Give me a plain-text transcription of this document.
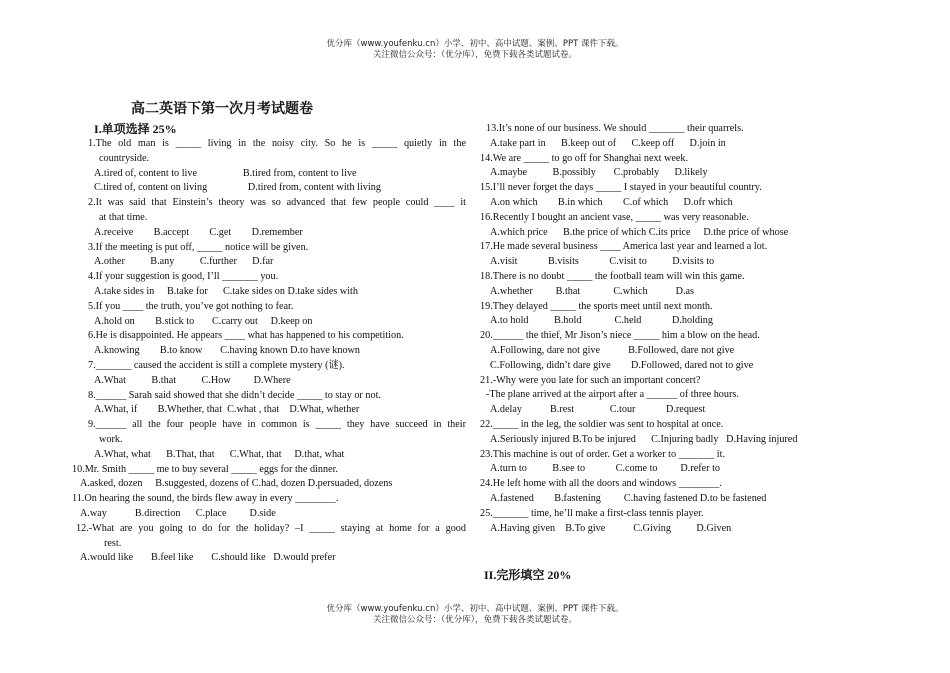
优分库（www.youfenku.cn）小学、初中、高中试题、案例、PPT 课件下载。
关注微信公众号：（优分库），免费下载各类试题试卷。
高二英语下第一次月考试题卷
I.单项选择 25%
II.完形填空 20%
1.The old man is _____ living in the noisy city. So he is _____ quietly in the
countryside.
A.tired of, content to live                  B.tired from, content to live
C.tired of, content on living                D.tired from, content with living
2.It was said that Einstein’s theory was so advanced that few people could ____ it
at that time.
A.receive        B.accept        C.get        D.remember
3.If the meeting is put off, _____ notice will be given.
A.other          B.any          C.further      D.far
4.If your suggestion is good, I’ll _______ you.
A.take sides in     B.take for      C.take sides on D.take sides with
5.If you ____ the truth, you’ve got nothing to fear.
A.hold on        B.stick to       C.carry out     D.keep on
6.He is disappointed. He appears ____ what has happened to his competition.
A.knowing        B.to know       C.having known D.to have known
7._______ caused the accident is still a complete mystery (谜).
A.What          B.that          C.How         D.Where
8.______ Sarah said showed that she didn’t decide _____ to stay or not.
A.What, if        B.Whether, that  C.what , that    D.What, whether
9.______ all the four people have in common is _____ they have succeed in their
work.
A.What, what      B.That, that      C.What, that     D.that, what
10.Mr. Smith _____ me to buy several _____ eggs for the dinner.
A.asked, dozen     B.suggested, dozens of C.had, dozen D.persuaded, dozens
11.On hearing the sound, the birds flew away in every ________.
A.way           B.direction      C.place         D.side
12.-What are you going to do for the holiday? –I _____ staying at home for a good
rest.
A.would like       B.feel like       C.should like   D.would prefer
13.It’s none of our business. We should _______ their quarrels.
A.take part in      B.keep out of      C.keep off      D.join in
14.We are _____ to go off for Shanghai next week.
A.maybe          B.possibly       C.probably      D.likely
15.I’ll never forget the days _____ I stayed in your beautiful country.
A.on which        B.in which        C.of which      D.ofr which
16.Recently I bought an ancient vase, _____ was very reasonable.
A.which price      B.the price of which C.its price     D.the price of whose
17.He made several business ____ America last year and learned a lot.
A.visit            B.visits            C.visit to          D.visits to
18.There is no doubt _____ the football team will win this game.
A.whether         B.that             C.which           D.as
19.They delayed _____ the sports meet until next month.
A.to hold          B.hold             C.held            D.holding
20.______ the thief, Mr Jison’s niece _____ him a blow on the head.
A.Following, dare not give           B.Followed, dare not give
C.Following, didn’t dare give        D.Followed, dared not to give
21.-Why were you late for such an important concert?
-The plane arrived at the airport after a ______ of three hours.
A.delay           B.rest              C.tour            D.request
22._____ in the leg, the soldier was sent to hospital at once.
A.Seriously injured B.To be injured      C.Injuring badly   D.Having injured
23.This machine is out of order. Get a worker to _______ it.
A.turn to          B.see to            C.come to         D.refer to
24.He left home with all the doors and windows ________.
A.fastened        B.fastening         C.having fastened D.to be fastened
25._______ time, he’ll make a first-class tennis player.
A.Having given    B.To give           C.Giving          D.Given
优分库（www.youfenku.cn）小学、初中、高中试题、案例、PPT 课件下载。
关注微信公众号：（优分库），免费下载各类试题试卷。
